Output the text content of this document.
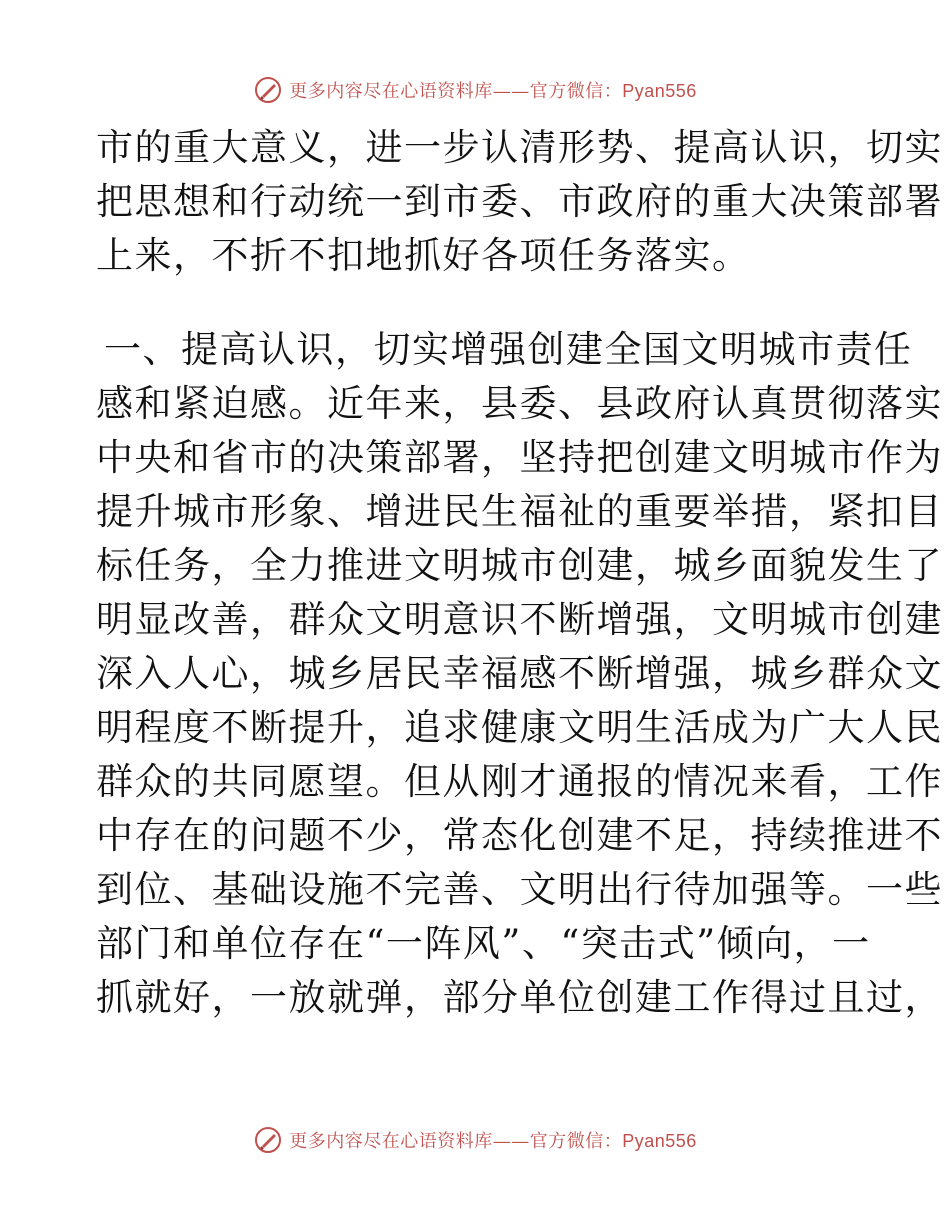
更多内容尽在心语资料库——官方微信：Pyan556
市的重大意义，进一步认清形势、提高认识，切实
把思想和行动统一到市委、市政府的重大决策部署
上来，不折不扣地抓好各项任务落实。
一、提高认识，切实增强创建全国文明城市责任
感和紧迫感。近年来，县委、县政府认真贯彻落实
中央和省市的决策部署，坚持把创建文明城市作为
提升城市形象、增进民生福祉的重要举措，紧扣目
标任务，全力推进文明城市创建，城乡面貌发生了
明显改善，群众文明意识不断增强，文明城市创建
深入人心，城乡居民幸福感不断增强，城乡群众文
明程度不断提升，追求健康文明生活成为广大人民
群众的共同愿望。但从刚才通报的情况来看，工作
中存在的问题不少，常态化创建不足，持续推进不
到位、基础设施不完善、文明出行待加强等。一些
部门和单位存在“一阵风”、“突击式”倾向，一
抓就好，一放就弹，部分单位创建工作得过且过，
更多内容尽在心语资料库——官方微信：Pyan556
